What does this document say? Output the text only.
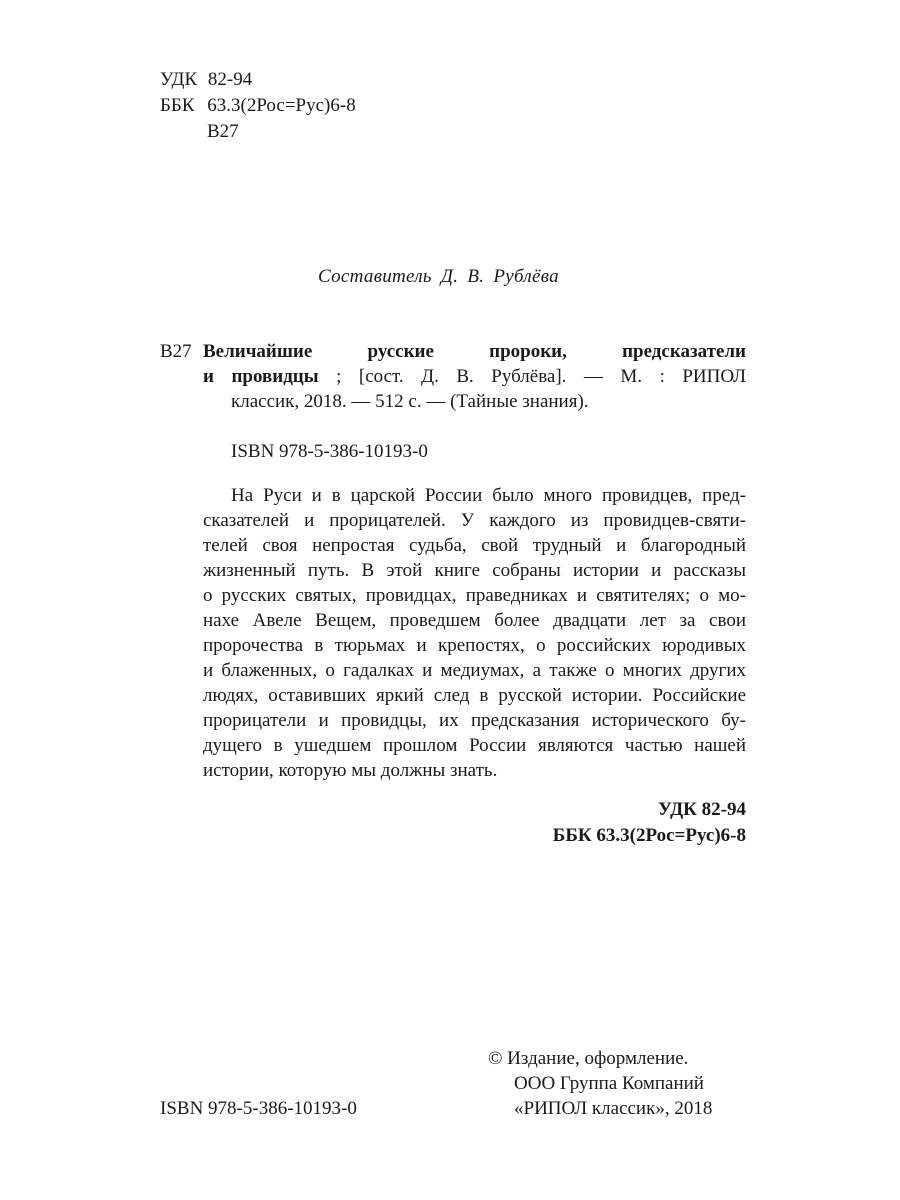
УДК 82-94
ББК 63.3(2Рос=Рус)6-8
В27
Составитель Д. В. Рублёва
В27 Величайшие русские пророки, предсказатели
и провидцы ; [сост. Д. В. Рублёва]. — М. : РИПОЛ
классик, 2018. — 512 с. — (Тайные знания).
ISBN 978-5-386-10193-0
На Руси и в царской России было много провидцев, пред-
сказателей и прорицателей. У каждого из провидцев-святи-
телей своя непростая судьба, свой трудный и благородный
жизненный путь. В этой книге собраны истории и рассказы
о русских святых, провидцах, праведниках и святителях; о мо-
нахе Авеле Вещем, проведшем более двадцати лет за свои
пророчества в тюрьмах и крепостях, о российских юродивых
и блаженных, о гадалках и медиумах, а также о многих других
людях, оставивших яркий след в русской истории. Российские
прорицатели и провидцы, их предсказания исторического бу-
дущего в ушедшем прошлом России являются частью нашей
истории, которую мы должны знать.
УДК 82-94
ББК 63.3(2Рос=Рус)6-8
© Издание, оформление.
ООО Группа Компаний
ISBN 978-5-386-10193-0	«РИПОЛ классик», 2018
